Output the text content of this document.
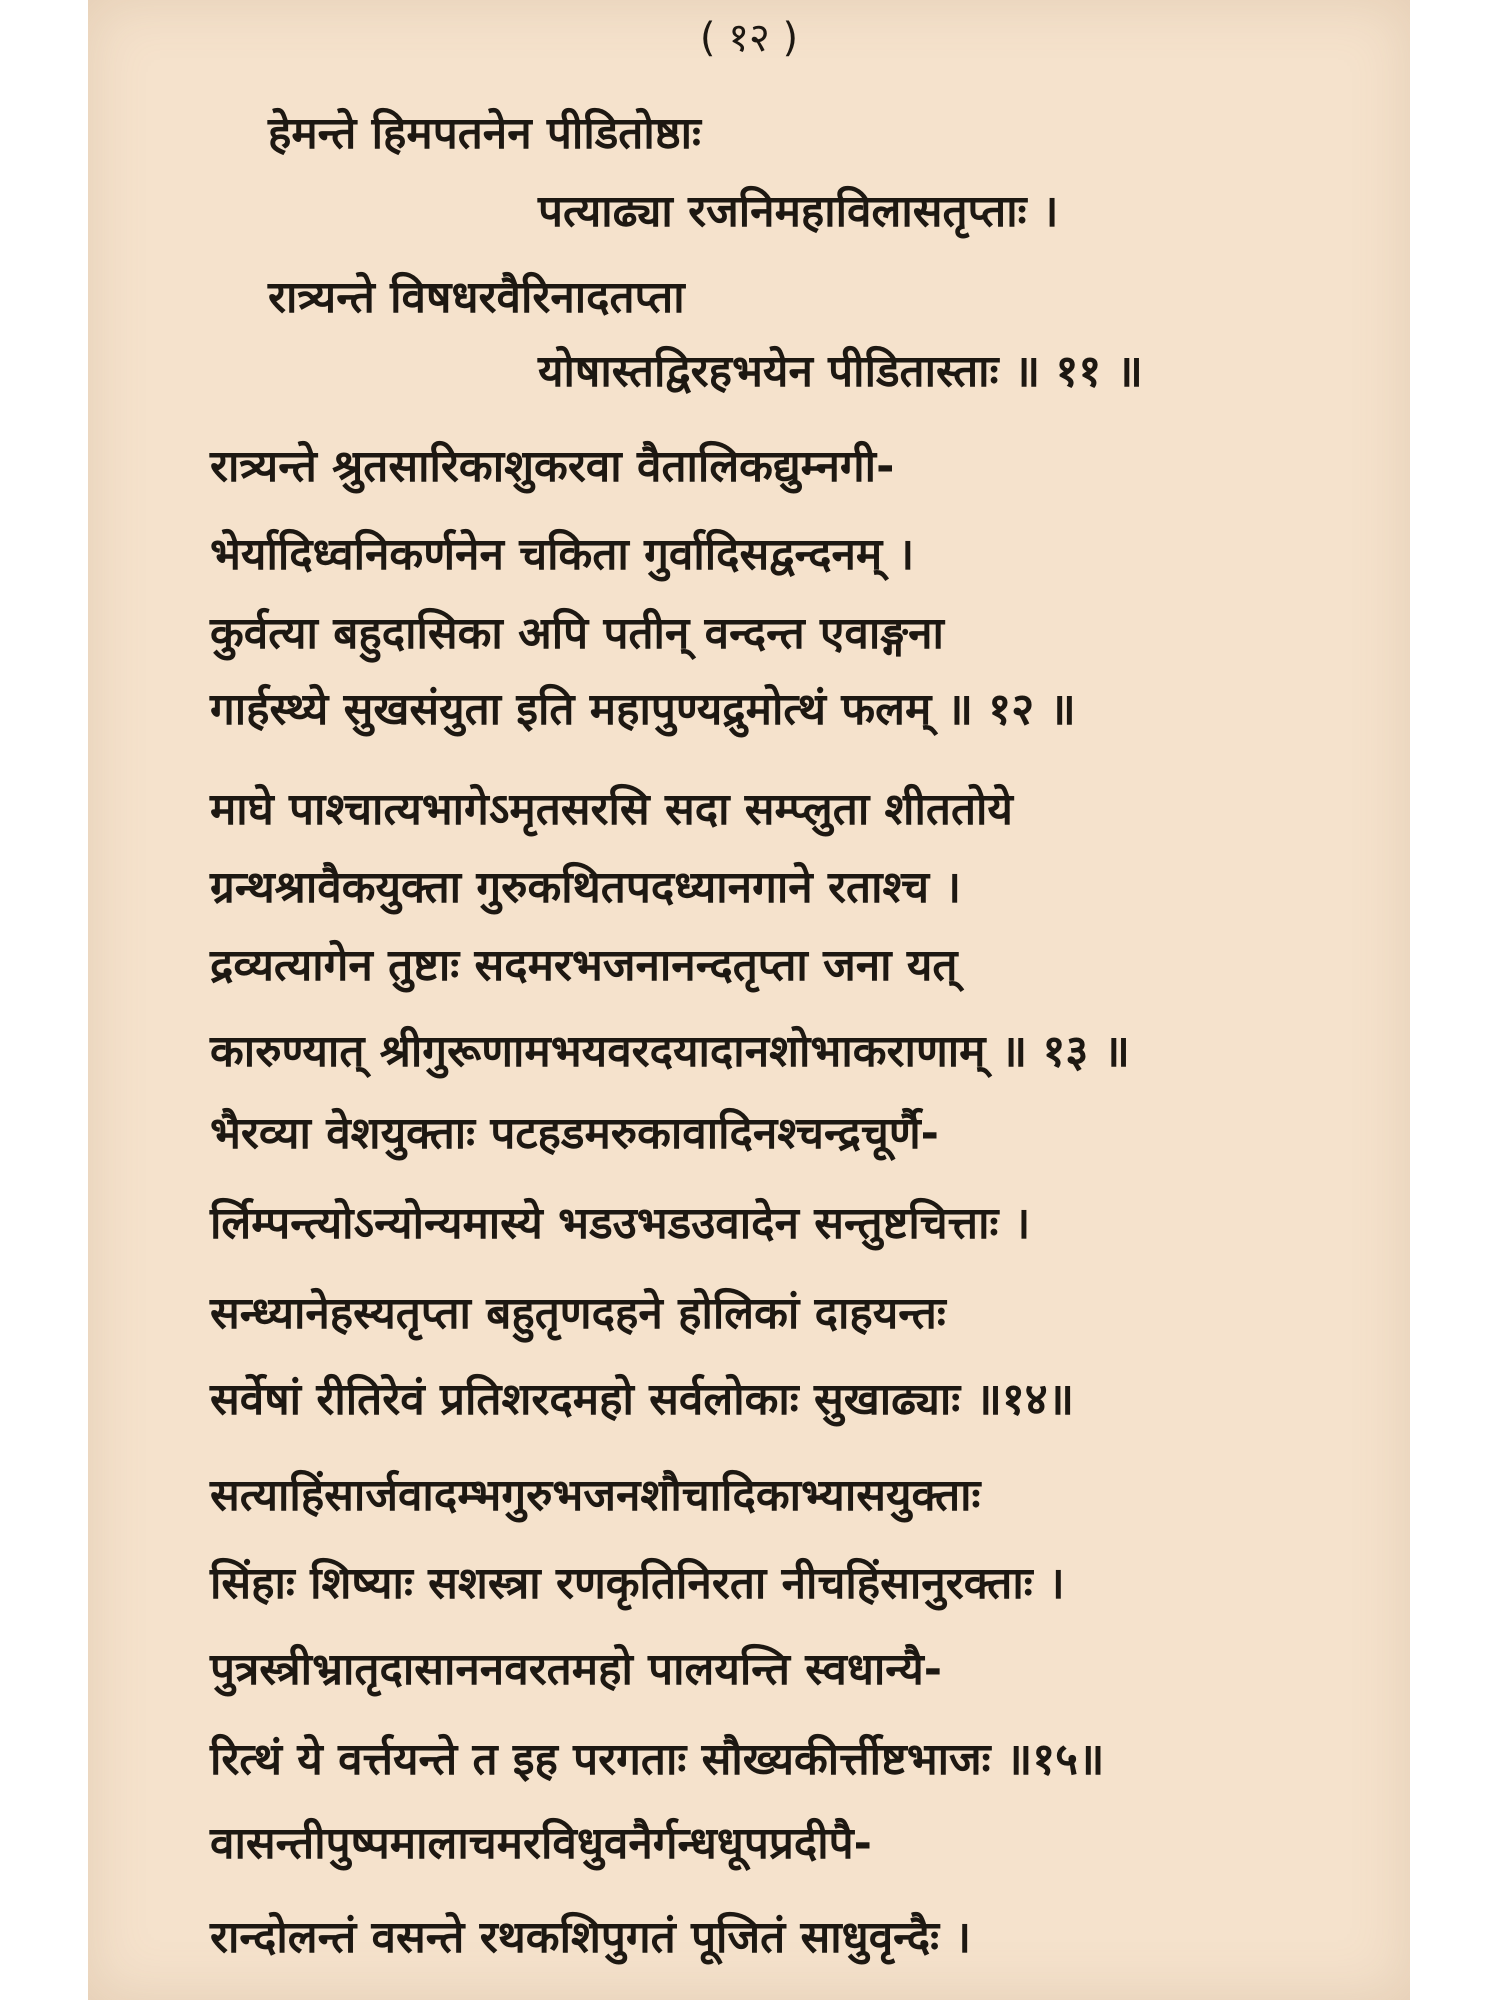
( १२ )
हेमन्ते हिमपतनेन पीडितोष्ठाः
पत्याढ्या रजनिमहाविलासतृप्ताः ।
रात्र्यन्ते विषधरवैरिनादतप्ता
योषास्तद्विरहभयेन पीडितास्ताः ॥ ११ ॥
रात्र्यन्ते श्रुतसारिकाशुकरवा वैतालिकद्युम्नगी-
भेर्यादिध्वनिकर्णनेन चकिता गुर्वादिसद्वन्दनम् ।
कुर्वत्या बहुदासिका अपि पतीन् वन्दन्त एवाङ्गना
गार्हस्थ्ये सुखसंयुता इति महापुण्यद्रुमोत्थं फलम् ॥ १२ ॥
माघे पाश्चात्यभागेऽमृतसरसि सदा सम्प्लुता शीततोये
ग्रन्थश्रावैकयुक्ता गुरुकथितपदध्यानगाने रताश्च ।
द्रव्यत्यागेन तुष्टाः सदमरभजनानन्दतृप्ता जना यत्
कारुण्यात् श्रीगुरूणामभयवरदयादानशोभाकराणाम् ॥ १३ ॥
भैरव्या वेशयुक्ताः पटहडमरुकावादिनश्चन्द्रचूर्णै-
र्लिम्पन्त्योऽन्योन्यमास्ये भडउभडउवादेन सन्तुष्टचित्ताः ।
सन्ध्यानेहस्यतृप्ता बहुतृणदहने होलिकां दाहयन्तः
सर्वेषां रीतिरेवं प्रतिशरदमहो सर्वलोकाः सुखाढ्याः ॥१४॥
सत्याहिंसार्जवादम्भगुरुभजनशौचादिकाभ्यासयुक्ताः
सिंहाः शिष्याः सशस्त्रा रणकृतिनिरता नीचहिंसानुरक्ताः ।
पुत्रस्त्रीभ्रातृदासाननवरतमहो पालयन्ति स्वधान्यै-
रित्थं ये वर्त्तयन्ते त इह परगताः सौख्यकीर्त्तीष्टभाजः ॥१५॥
वासन्तीपुष्पमालाचमरविधुवनैर्गन्धधूपप्रदीपै-
रान्दोलन्तं वसन्ते रथकशिपुगतं पूजितं साधुवृन्दैः ।
